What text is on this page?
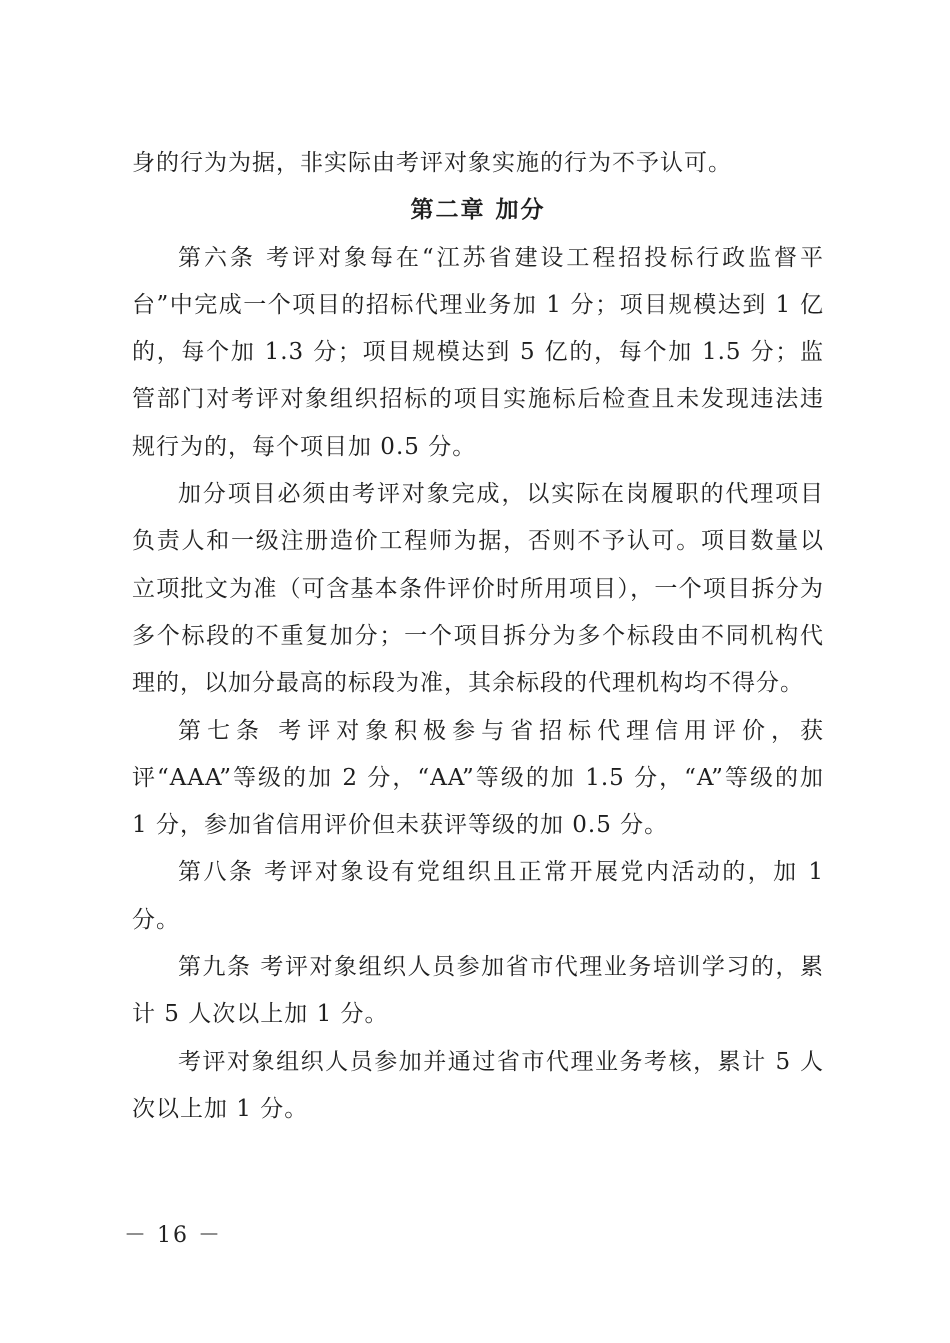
身的行为为据，非实际由考评对象实施的行为不予认可。

第二章 加分

第六条 考评对象每在“江苏省建设工程招投标行政监督平台”中完成一个项目的招标代理业务加 1 分；项目规模达到 1 亿的，每个加 1.3 分；项目规模达到 5 亿的，每个加 1.5 分；监管部门对考评对象组织招标的项目实施标后检查且未发现违法违规行为的，每个项目加 0.5 分。

加分项目必须由考评对象完成，以实际在岗履职的代理项目负责人和一级注册造价工程师为据，否则不予认可。项目数量以立项批文为准（可含基本条件评价时所用项目），一个项目拆分为多个标段的不重复加分；一个项目拆分为多个标段由不同机构代理的，以加分最高的标段为准，其余标段的代理机构均不得分。

第七条 考评对象积极参与省招标代理信用评价，获评“AAA”等级的加 2 分，“AA”等级的加 1.5 分，“A”等级的加 1 分，参加省信用评价但未获评等级的加 0.5 分。

第八条 考评对象设有党组织且正常开展党内活动的，加 1 分。

第九条 考评对象组织人员参加省市代理业务培训学习的，累计 5 人次以上加 1 分。

考评对象组织人员参加并通过省市代理业务考核，累计 5 人次以上加 1 分。

－ 16 －
